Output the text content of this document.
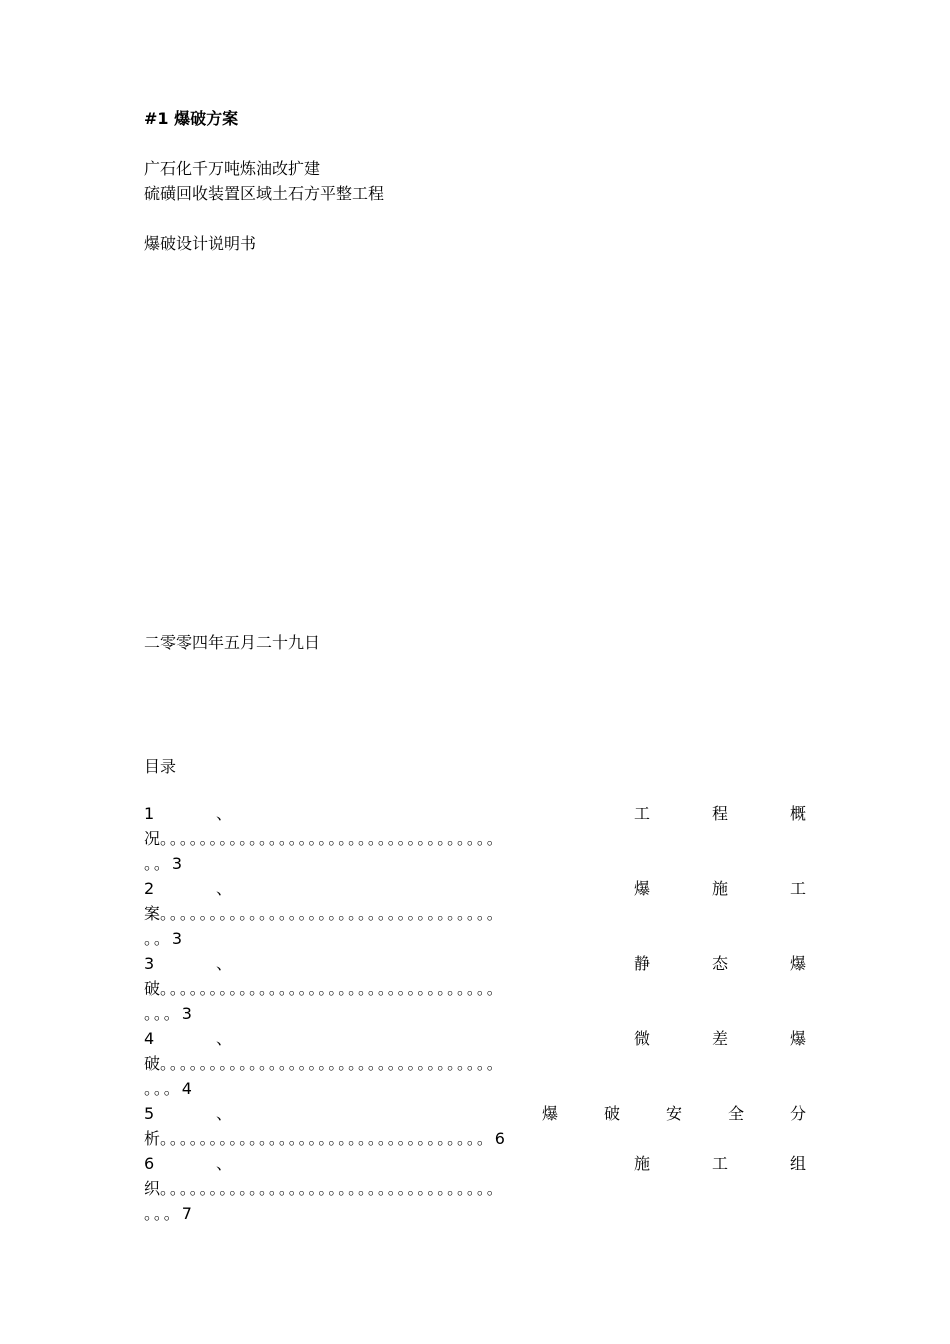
#1 爆破方案
广石化千万吨炼油改扩建
硫磺回收装置区域土石方平整工程
爆破设计说明书
二零零四年五月二十九日
目录
1	、	工	程	概
况。。。。。。。。。。。。。。。。。。。。。。。。。。。。。。。。。。
。。3
2	、	爆	施	工
案。。。。。。。。。。。。。。。。。。。。。。。。。。。。。。。。。。
。。3
3	、	静	态	爆
破。。。。。。。。。。。。。。。。。。。。。。。。。。。。。。。。。。
。。。3
4	、	微	差	爆
破。。。。。。。。。。。。。。。。。。。。。。。。。。。。。。。。。。
。。。4
5	、	爆	破	安	全	分
析。。。。。。。。。。。。。。。。。。。。。。。。。。。。。。。。。6
6	、	施	工	组
织。。。。。。。。。。。。。。。。。。。。。。。。。。。。。。。。。。
。。。7
